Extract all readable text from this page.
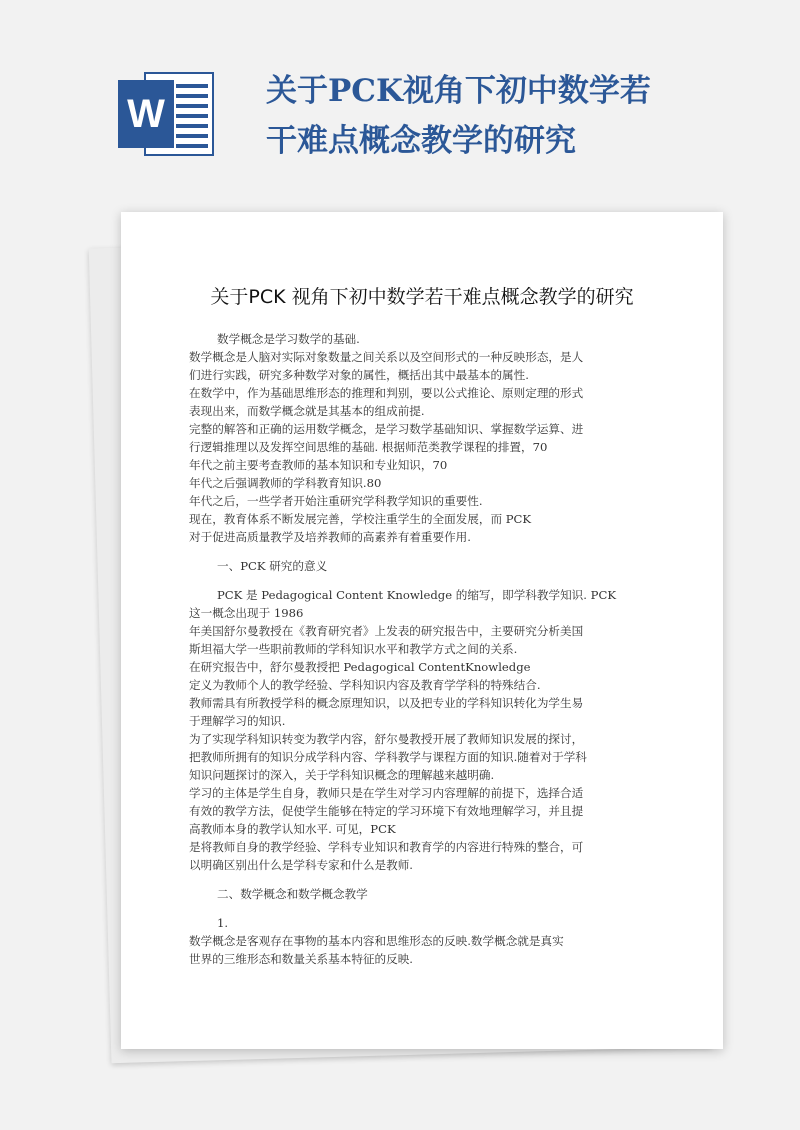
W
关于PCK视角下初中数学若
干难点概念教学的研究
关于PCK 视角下初中数学若干难点概念教学的研究

数学概念是学习数学的基础.

数学概念是人脑对实际对象数量之间关系以及空间形式的一种反映形态，是人

们进行实践，研究多种数学对象的属性，概括出其中最基本的属性.

在数学中，作为基础思维形态的推理和判别，要以公式推论、原则定理的形式

表现出来，而数学概念就是其基本的组成前提.

完整的解答和正确的运用数学概念，是学习数学基础知识、掌握数学运算、进

行逻辑推理以及发挥空间思维的基础. 根据师范类教学课程的排置，70

年代之前主要考查教师的基本知识和专业知识，70

年代之后强调教师的学科教育知识.80

年代之后，一些学者开始注重研究学科教学知识的重要性.

现在，教育体系不断发展完善，学校注重学生的全面发展，而 PCK

对于促进高质量教学及培养教师的高素养有着重要作用.

一、PCK 研究的意义

PCK 是 Pedagogical Content Knowledge 的缩写，即学科教学知识. PCK

这一概念出现于 1986

年美国舒尔曼教授在《教育研究者》上发表的研究报告中，主要研究分析美国

斯坦福大学一些职前教师的学科知识水平和教学方式之间的关系.

在研究报告中，舒尔曼教授把 Pedagogical ContentKnowledge

定义为教师个人的教学经验、学科知识内容及教育学学科的特殊结合.

教师需具有所教授学科的概念原理知识，以及把专业的学科知识转化为学生易

于理解学习的知识.

为了实现学科知识转变为教学内容，舒尔曼教授开展了教师知识发展的探讨，

把教师所拥有的知识分成学科内容、学科教学与课程方面的知识.随着对于学科

知识问题探讨的深入，关于学科知识概念的理解越来越明确.

学习的主体是学生自身，教师只是在学生对学习内容理解的前提下，选择合适

有效的教学方法，促使学生能够在特定的学习环境下有效地理解学习，并且提

高教师本身的教学认知水平. 可见，PCK

是将教师自身的教学经验、学科专业知识和教育学的内容进行特殊的整合，可

以明确区别出什么是学科专家和什么是教师.

二、数学概念和数学概念教学

1.

数学概念是客观存在事物的基本内容和思维形态的反映.数学概念就是真实

世界的三维形态和数量关系基本特征的反映.
